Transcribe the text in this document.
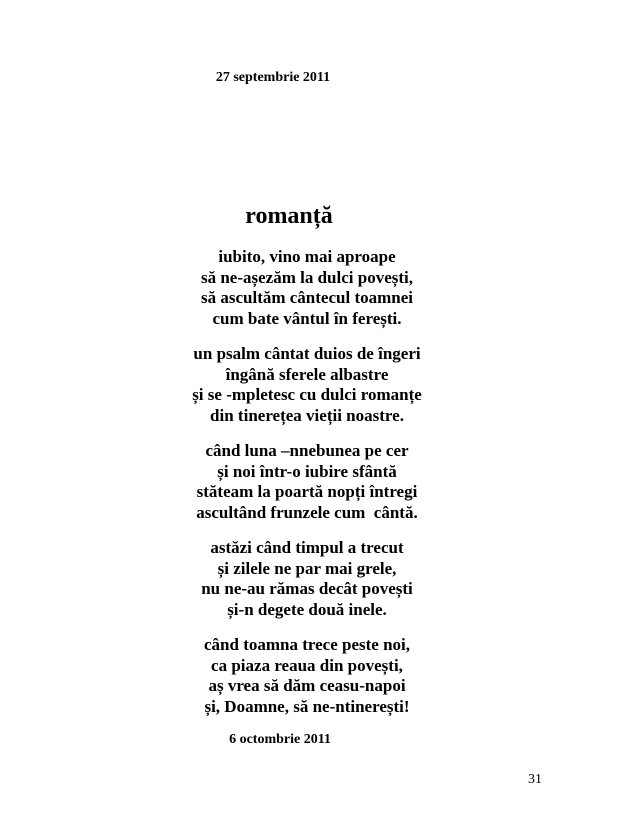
27 septembrie 2011
romanță
iubito, vino mai aproape
să ne-așezăm la dulci povești,
să ascultăm cânteсul toamnei
cum bate vântul în ferești.
un psalm cântat duios de îngeri
îngână sferele albastre
și se -mpletesc cu dulci romanțe
din tinerețea vieții noastre.
când luna –nnebunea pe cer
și noi într-o iubire sfântă
stăteam la poartă nopți întregi
ascultând frunzele cum  cântă.
astăzi când timpul a trecut
și zilele ne par mai grele,
nu ne-au rămas decât povești
și-n degete două inele.
când toamna trece peste noi,
ca piaza reaua din povești,
aș vrea să dăm ceasu-napoi
și, Doamne, să ne-ntinerești!
6 octombrie 2011
31
